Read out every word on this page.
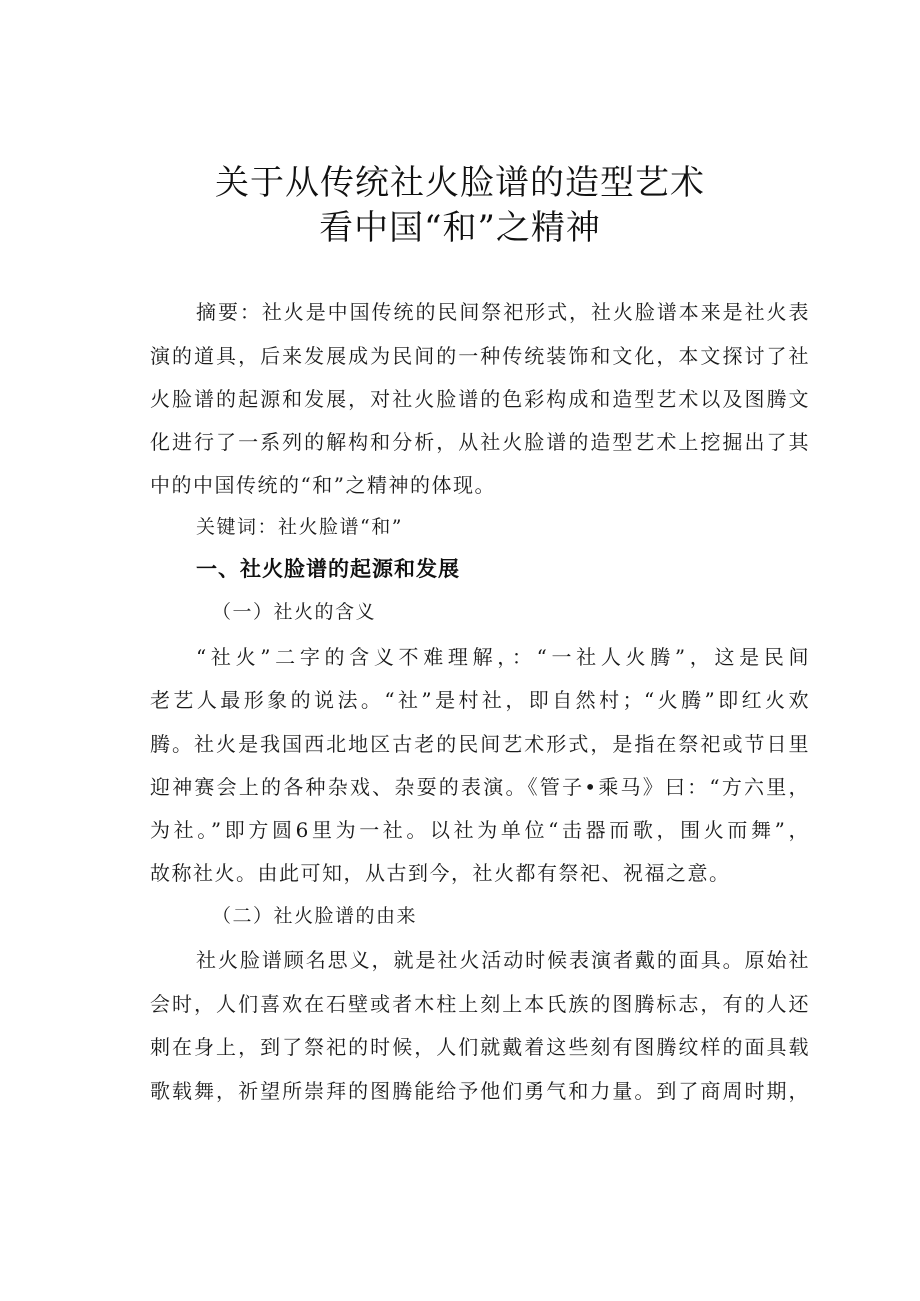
关于从传统社火脸谱的造型艺术
看中国“和”之精神
摘要：社火是中国传统的民间祭祀形式，社火脸谱本来是社火表
演的道具，后来发展成为民间的一种传统装饰和文化，本文探讨了社
火脸谱的起源和发展，对社火脸谱的色彩构成和造型艺术以及图腾文
化进行了一系列的解构和分析，从社火脸谱的造型艺术上挖掘出了其
中的中国传统的“和”之精神的体现。
关键词：社火脸谱“和”
一、社火脸谱的起源和发展
（一）社火的含义
“社火”二字的含义不难理解，：“一社人火腾”，这是民间
老艺人最形象的说法。“社”是村社，即自然村；“火腾”即红火欢
腾。社火是我国西北地区古老的民间艺术形式，是指在祭祀或节日里
迎神赛会上的各种杂戏、杂耍的表演。《管子•乘马》曰：“方六里，
为社。”即方圆6里为一社。以社为单位“击器而歌，围火而舞”，
故称社火。由此可知，从古到今，社火都有祭祀、祝福之意。
（二）社火脸谱的由来
社火脸谱顾名思义，就是社火活动时候表演者戴的面具。原始社
会时，人们喜欢在石壁或者木柱上刻上本氏族的图腾标志，有的人还
刺在身上，到了祭祀的时候，人们就戴着这些刻有图腾纹样的面具载
歌载舞，祈望所崇拜的图腾能给予他们勇气和力量。到了商周时期，
